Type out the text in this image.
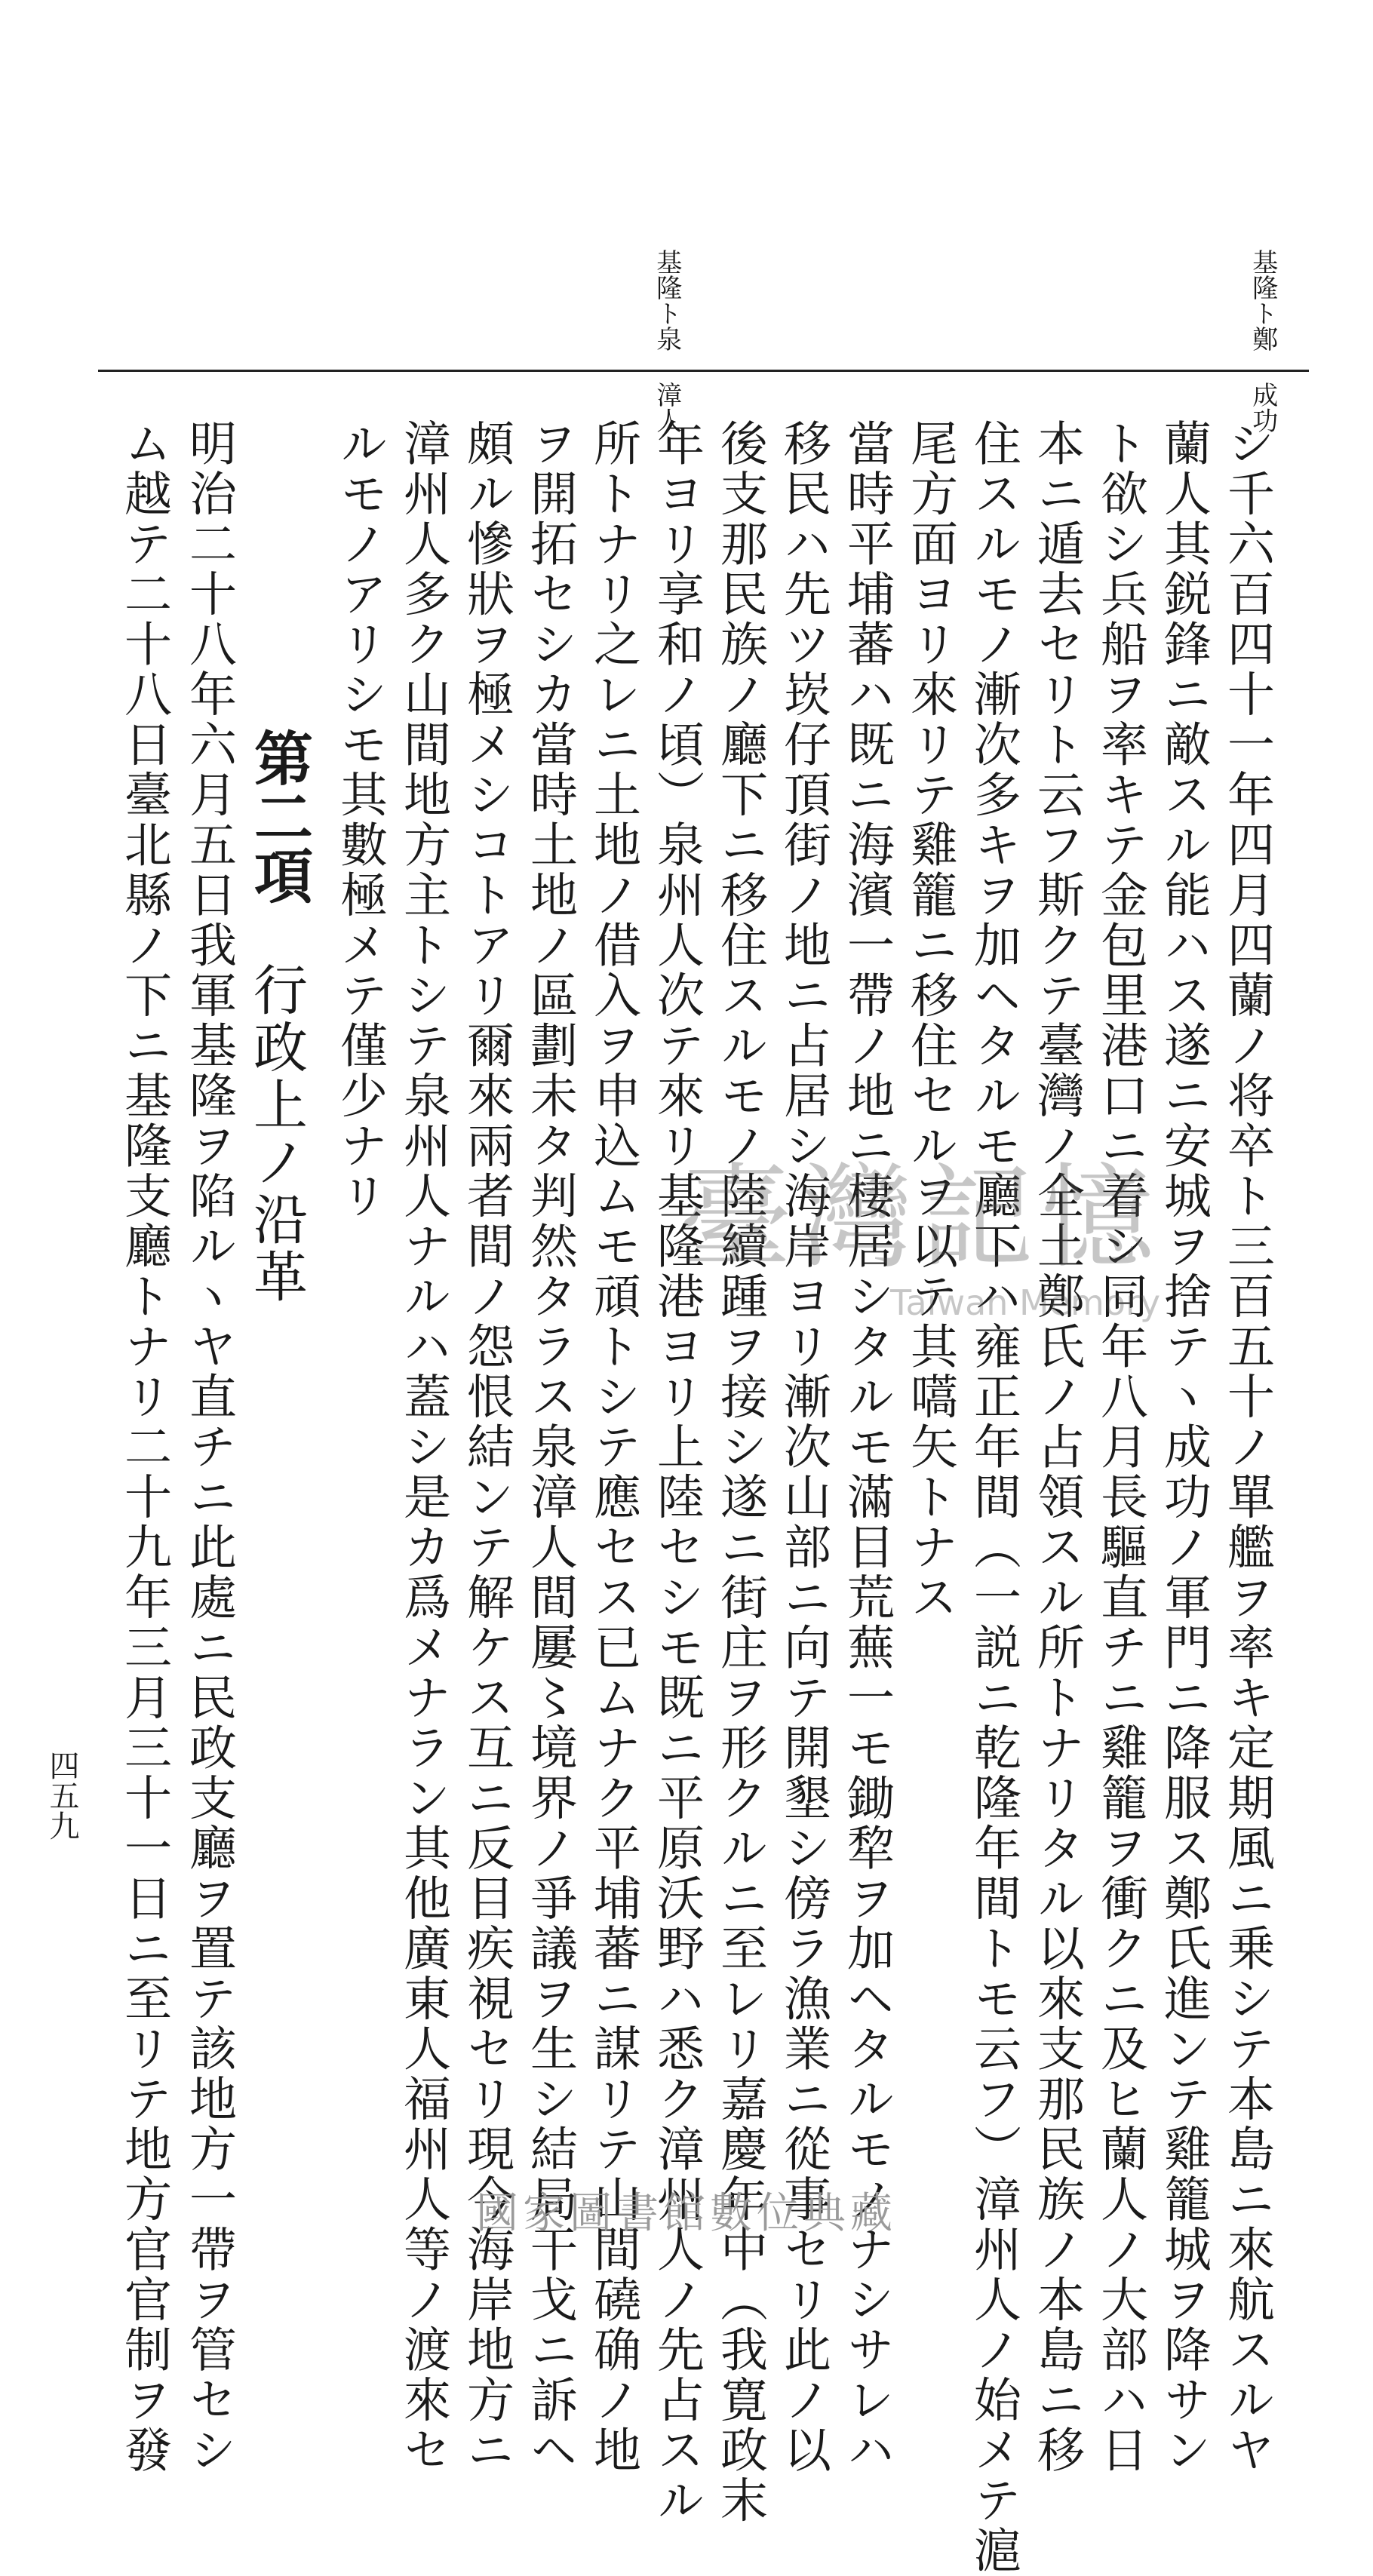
基隆ト鄭 成功
基隆ト泉 漳人
シ千六百四十一年四月四蘭ノ将卒ト三百五十ノ單艦ヲ率キ定期風ニ乗シテ本島ニ來航スルヤ
蘭人其鋭鋒ニ敵スル能ハス遂ニ安城ヲ捨テヽ成功ノ軍門ニ降服ス鄭氏進ンテ雞籠城ヲ降サン
ト欲シ兵船ヲ率キテ金包里港口ニ着シ同年八月長驅直チニ雞籠ヲ衝クニ及ヒ蘭人ノ大部ハ日
本ニ遁去セリト云フ斯クテ臺灣ノ全土鄭氏ノ占領スル所トナリタル以來支那民族ノ本島ニ移
住スルモノ漸次多キヲ加ヘタルモ廳下ハ雍正年間（一説ニ乾隆年間トモ云フ）漳州人ノ始メテ滬
尾方面ヨリ來リテ雞籠ニ移住セルヲ以テ其嚆矢トナス
當時平埔蕃ハ既ニ海濱一帶ノ地ニ棲居シタルモ滿目荒蕪一モ鋤犂ヲ加ヘタルモノナシサレハ
移民ハ先ツ崁仔頂街ノ地ニ占居シ海岸ヨリ漸次山部ニ向テ開墾シ傍ラ漁業ニ從事セリ此ノ以
後支那民族ノ廳下ニ移住スルモノ陸續踵ヲ接シ遂ニ街庄ヲ形クルニ至レリ嘉慶年中（我寛政末
年ヨリ享和ノ頃）泉州人次テ來リ基隆港ヨリ上陸セシモ既ニ平原沃野ハ悉ク漳州人ノ先占スル
所トナリ之レニ土地ノ借入ヲ申込ムモ頑トシテ應セス已ムナク平埔蕃ニ謀リテ山間磽确ノ地
ヲ開拓セシカ當時土地ノ區劃未タ判然タラス泉漳人間屢〻境界ノ爭議ヲ生シ結局干戈ニ訴ヘ
頗ル慘狀ヲ極メシコトアリ爾來兩者間ノ怨恨結ンテ解ケス互ニ反目疾視セリ現今海岸地方ニ
漳州人多ク山間地方主トシテ泉州人ナルハ蓋シ是カ爲メナラン其他廣東人福州人等ノ渡來セ
ルモノアリシモ其數極メテ僅少ナリ
第二項
行政上ノ沿革
明治二十八年六月五日我軍基隆ヲ陷ルヽヤ直チニ此處ニ民政支廳ヲ置テ該地方一帶ヲ管セシ
ム越テ二十八日臺北縣ノ下ニ基隆支廳トナリ二十九年三月三十一日ニ至リテ地方官官制ヲ發
四五九
臺灣記憶
Taiwan Memory
國家圖書館數位典藏
